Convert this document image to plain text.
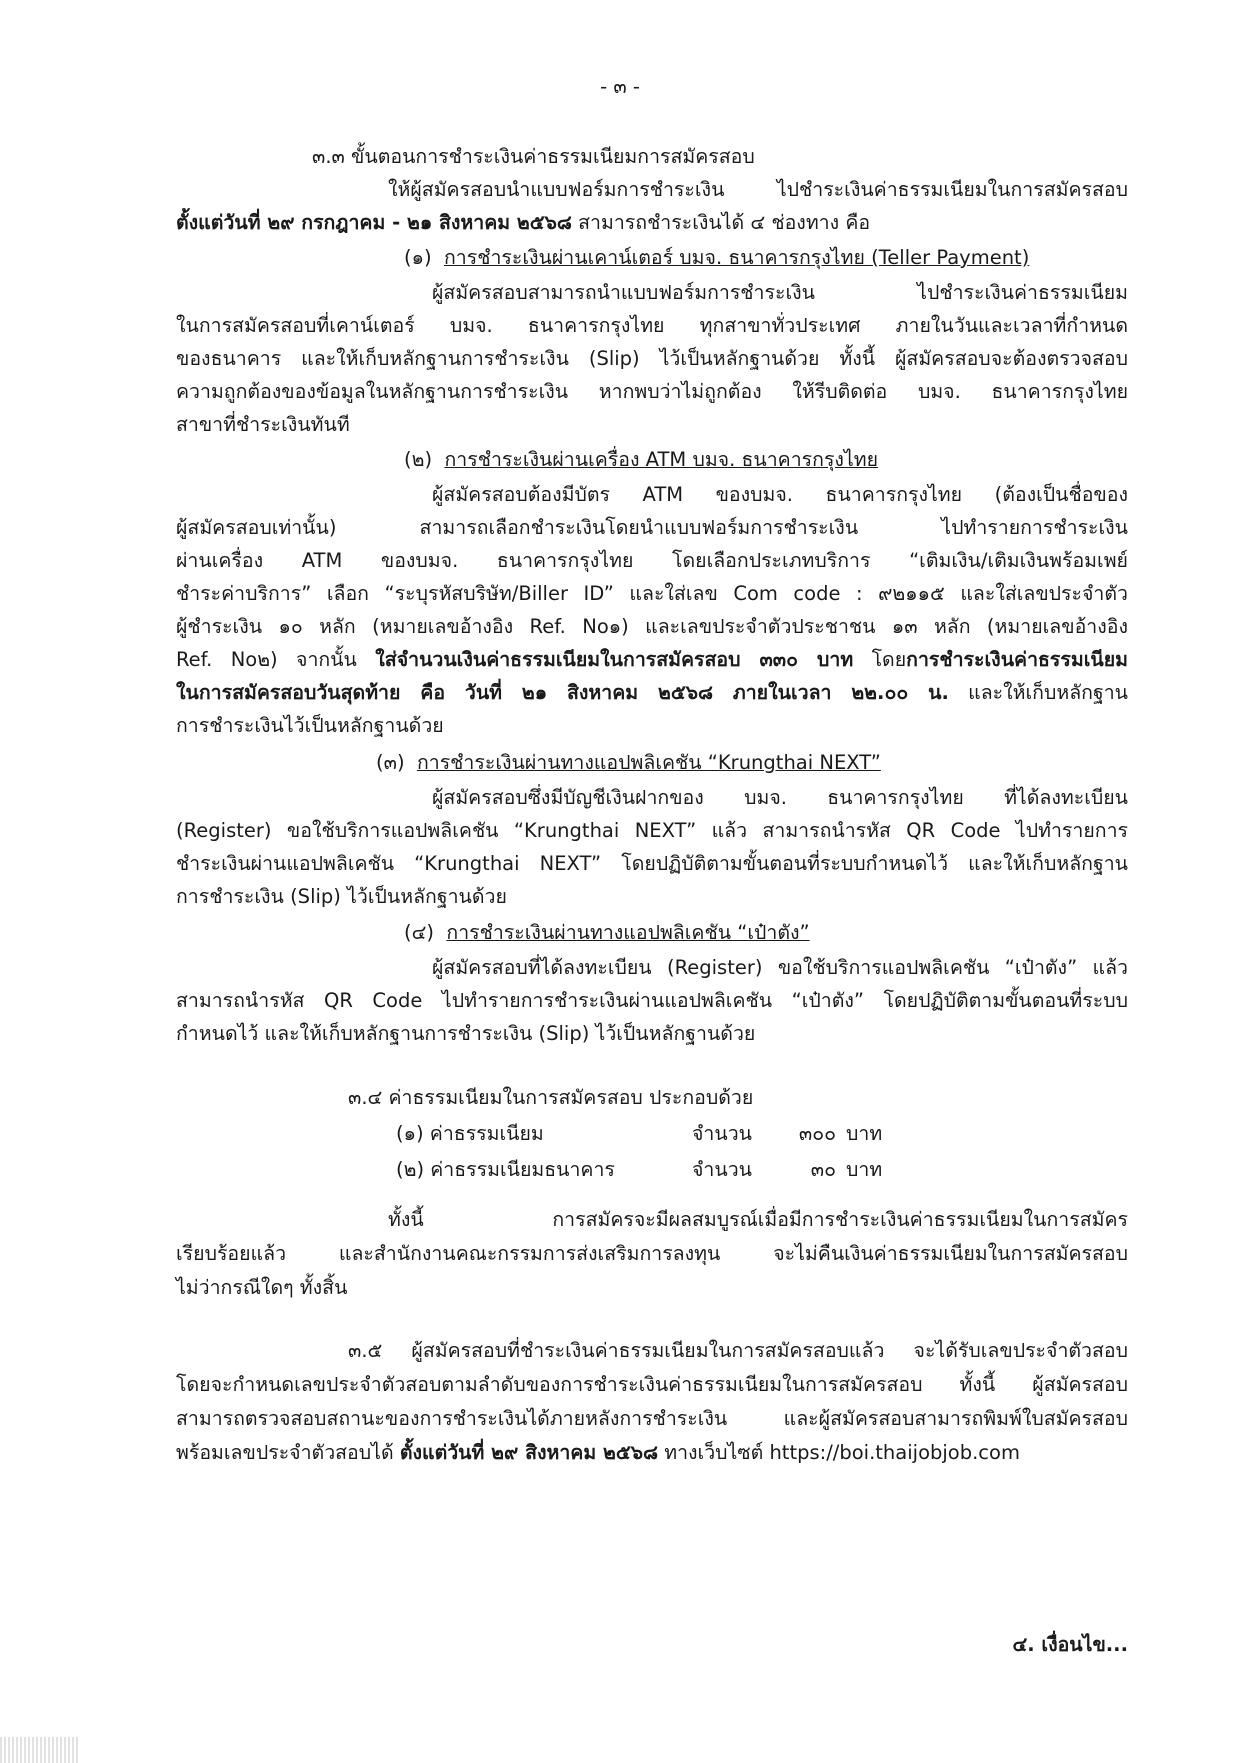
- ๓ -
๓.๓ ขั้นตอนการชำระเงินค่าธรรมเนียมการสมัครสอบ
ให้ผู้สมัครสอบนำแบบฟอร์มการชำระเงิน ไปชำระเงินค่าธรรมเนียมในการสมัครสอบ
ตั้งแต่วันที่ ๒๙ กรกฎาคม - ๒๑ สิงหาคม ๒๕๖๘ สามารถชำระเงินได้ ๔ ช่องทาง คือ
(๑) การชำระเงินผ่านเคาน์เตอร์ บมจ. ธนาคารกรุงไทย (Teller Payment)
ผู้สมัครสอบสามารถนำแบบฟอร์มการชำระเงิน ไปชำระเงินค่าธรรมเนียม
ในการสมัครสอบที่เคาน์เตอร์ บมจ. ธนาคารกรุงไทย ทุกสาขาทั่วประเทศ ภายในวันและเวลาที่กำหนด
ของธนาคาร และให้เก็บหลักฐานการชำระเงิน (Slip) ไว้เป็นหลักฐานด้วย ทั้งนี้ ผู้สมัครสอบจะต้องตรวจสอบ
ความถูกต้องของข้อมูลในหลักฐานการชำระเงิน หากพบว่าไม่ถูกต้อง ให้รีบติดต่อ บมจ. ธนาคารกรุงไทย
สาขาที่ชำระเงินทันที
(๒) การชำระเงินผ่านเครื่อง ATM บมจ. ธนาคารกรุงไทย
ผู้สมัครสอบต้องมีบัตร ATM ของบมจ. ธนาคารกรุงไทย (ต้องเป็นชื่อของ
ผู้สมัครสอบเท่านั้น) สามารถเลือกชำระเงินโดยนำแบบฟอร์มการชำระเงิน ไปทำรายการชำระเงิน
ผ่านเครื่อง ATM ของบมจ. ธนาคารกรุงไทย โดยเลือกประเภทบริการ “เติมเงิน/เติมเงินพร้อมเพย์
ชำระค่าบริการ” เลือก “ระบุรหัสบริษัท/Biller ID” และใส่เลข Com code : ๙๒๑๑๕ และใส่เลขประจำตัว
ผู้ชำระเงิน ๑๐ หลัก (หมายเลขอ้างอิง Ref. No๑) และเลขประจำตัวประชาชน ๑๓ หลัก (หมายเลขอ้างอิง
Ref. No๒) จากนั้น ใส่จำนวนเงินค่าธรรมเนียมในการสมัครสอบ ๓๓๐ บาท โดยการชำระเงินค่าธรรมเนียม
ในการสมัครสอบวันสุดท้าย คือ วันที่ ๒๑ สิงหาคม ๒๕๖๘ ภายในเวลา ๒๒.๐๐ น. และให้เก็บหลักฐาน
การชำระเงินไว้เป็นหลักฐานด้วย
(๓) การชำระเงินผ่านทางแอปพลิเคชัน “Krungthai NEXT”
ผู้สมัครสอบซึ่งมีบัญชีเงินฝากของ บมจ. ธนาคารกรุงไทย ที่ได้ลงทะเบียน
(Register) ขอใช้บริการแอปพลิเคชัน “Krungthai NEXT” แล้ว สามารถนำรหัส QR Code ไปทำรายการ
ชำระเงินผ่านแอปพลิเคชัน “Krungthai NEXT” โดยปฏิบัติตามขั้นตอนที่ระบบกำหนดไว้ และให้เก็บหลักฐาน
การชำระเงิน (Slip) ไว้เป็นหลักฐานด้วย
(๔) การชำระเงินผ่านทางแอปพลิเคชัน “เป๋าตัง”
ผู้สมัครสอบที่ได้ลงทะเบียน (Register) ขอใช้บริการแอปพลิเคชัน “เป๋าตัง” แล้ว
สามารถนำรหัส QR Code ไปทำรายการชำระเงินผ่านแอปพลิเคชัน “เป๋าตัง” โดยปฏิบัติตามขั้นตอนที่ระบบ
กำหนดไว้ และให้เก็บหลักฐานการชำระเงิน (Slip) ไว้เป็นหลักฐานด้วย
๓.๔ ค่าธรรมเนียมในการสมัครสอบ ประกอบด้วย
(๑) ค่าธรรมเนียม	จำนวน	๓๐๐ บาท
(๒) ค่าธรรมเนียมธนาคาร	จำนวน	๓๐ บาท
ทั้งนี้ การสมัครจะมีผลสมบูรณ์เมื่อมีการชำระเงินค่าธรรมเนียมในการสมัคร
เรียบร้อยแล้ว และสำนักงานคณะกรรมการส่งเสริมการลงทุน จะไม่คืนเงินค่าธรรมเนียมในการสมัครสอบ
ไม่ว่ากรณีใดๆ ทั้งสิ้น
๓.๕ ผู้สมัครสอบที่ชำระเงินค่าธรรมเนียมในการสมัครสอบแล้ว จะได้รับเลขประจำตัวสอบ
โดยจะกำหนดเลขประจำตัวสอบตามลำดับของการชำระเงินค่าธรรมเนียมในการสมัครสอบ ทั้งนี้ ผู้สมัครสอบ
สามารถตรวจสอบสถานะของการชำระเงินได้ภายหลังการชำระเงิน และผู้สมัครสอบสามารถพิมพ์ใบสมัครสอบ
พร้อมเลขประจำตัวสอบได้ ตั้งแต่วันที่ ๒๙ สิงหาคม ๒๕๖๘ ทางเว็บไซต์ https://boi.thaijobjob.com
๔. เงื่อนไข...
